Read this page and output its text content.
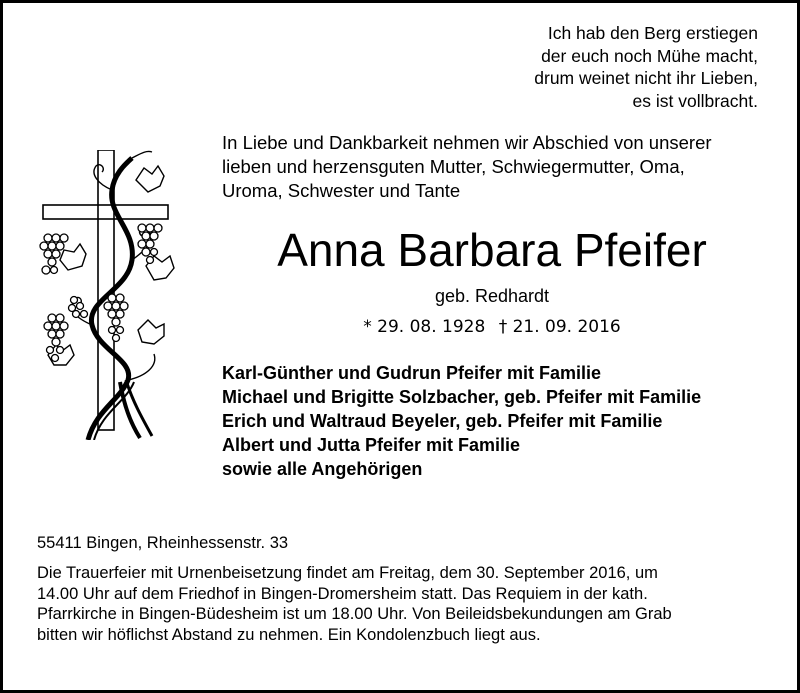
Ich hab den Berg erstiegen
der euch noch Mühe macht,
drum weinet nicht ihr Lieben,
es ist vollbracht.
In Liebe und Dankbarkeit nehmen wir Abschied von unserer
lieben und herzensguten Mutter, Schwiegermutter, Oma,
Uroma, Schwester und Tante
Anna Barbara Pfeifer
geb. Redhardt
* 29. 08. 1928 † 21. 09. 2016
Karl-Günther und Gudrun Pfeifer mit Familie
Michael und Brigitte Solzbacher, geb. Pfeifer mit Familie
Erich und Waltraud Beyeler, geb. Pfeifer mit Familie
Albert und Jutta Pfeifer mit Familie
sowie alle Angehörigen
55411 Bingen, Rheinhessenstr. 33
Die Trauerfeier mit Urnenbeisetzung findet am Freitag, dem 30. September 2016, um
14.00 Uhr auf dem Friedhof in Bingen-Dromersheim statt. Das Requiem in der kath.
Pfarrkirche in Bingen-Büdesheim ist um 18.00 Uhr. Von Beileidsbekundungen am Grab
bitten wir höflichst Abstand zu nehmen. Ein Kondolenzbuch liegt aus.
